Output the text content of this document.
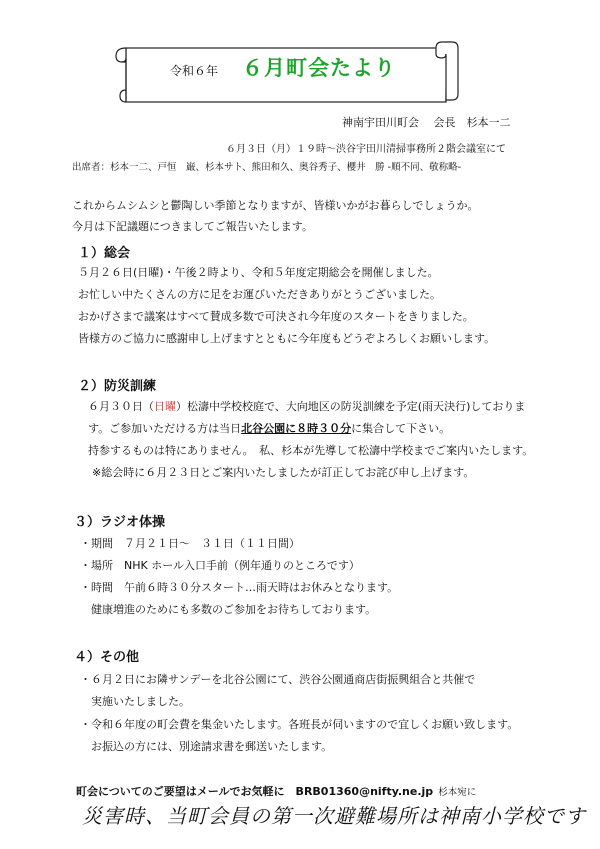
令和６年 ６月町会たより
神南宇田川町会　 会長　杉本一二
６月３日（月）１９時～渋谷宇田川清掃事務所２階会議室にて
出席者：杉本一二、戸恒　巌、杉本サト、熊田和久、奥谷秀子、櫻井　勝 -順不同、敬称略-
これからムシムシと鬱陶しい季節となりますが、皆様いかがお暮らしでしょうか。
今月は下記議題につきましてご報告いたします。
１）総会
５月２６日(日曜)・午後２時より、令和５年度定期総会を開催しました。
お忙しい中たくさんの方に足をお運びいただきありがとうございました。
おかげさまで議案はすべて賛成多数で可決され今年度のスタートをきりました。
皆様方のご協力に感謝申し上げますとともに今年度もどうぞよろしくお願いします。
２）防災訓練
６月３０日（日曜）松濤中学校校庭で、大向地区の防災訓練を予定(雨天決行)しておりま
す。ご参加いただける方は当日北谷公園に８時３０分に集合して下さい。
持参するものは特にありません。　私、杉本が先導して松濤中学校までご案内いたします。
※総会時に６月２３日とご案内いたしましたが訂正してお詫び申し上げます。
３）ラジオ体操
・期間　７月２１日～　３１日（１１日間）
・場所　NHK ホール入口手前（例年通りのところです）
・時間　午前６時３０分スタート…雨天時はお休みとなります。
　健康増進のためにも多数のご参加をお待ちしております。
４）その他
・６月２日にお隣サンデーを北谷公園にて、渋谷公園通商店街振興組合と共催で
　実施いたしました。
・令和６年度の町会費を集金いたします。各班長が伺いますので宜しくお願い致します。
　お振込の方には、別途請求書を郵送いたします。
町会についてのご要望はメールでお気軽に　BRB01360@nifty.ne.jp 杉本宛に
災害時、当町会員の第一次避難場所は神南小学校です
